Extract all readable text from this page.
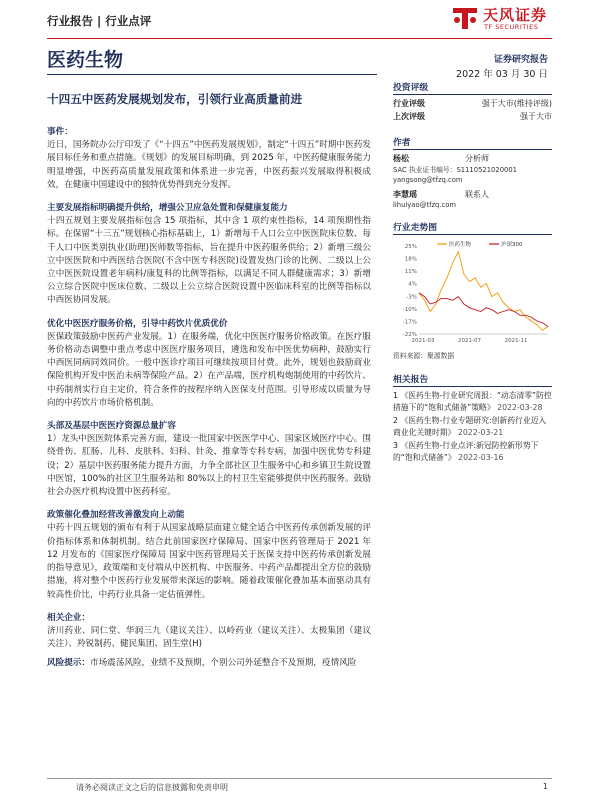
行业报告 | 行业点评	天风证券
TF SECURITIES
医药生物	证券研究报告
2022 年 03 月 30 日
十四五中医药发展规划发布，引领行业高质量前进
事件：

近日，国务院办公厅印发了《“十四五”中医药发展规划》，制定“十四五”时期中医药发展目标任务和重点措施。《规划》的发展目标明确，到 2025 年，中医药健康服务能力明显增强，中医药高质量发展政策和体系进一步完善，中医药振兴发展取得积极成效，在健康中国建设中的独特优势得到充分发挥。

主要发展指标明确提升供给，增强公卫应急处置和保健康复能力

十四五规划主要发展指标包含 15 项指标，其中含 1 项约束性指标，14 项预期性指标。在保留“十三五”规划核心指标基础上，1）新增每千人口公立中医医院床位数、每千人口中医类别执业(助理)医师数等指标，旨在提升中医药服务供给；2）新增三级公立中医医院和中西医结合医院(不含中医专科医院)设置发热门诊的比例、二级以上公立中医医院设置老年病科/康复科的比例等指标，以满足不同人群健康需求；3）新增公立综合医院中医床位数、二级以上公立综合医院设置中医临床科室的比例等指标以中西医协同发展。

优化中医医疗服务价格，引导中药饮片优质优价

医保政策鼓励中医药产业发展。1）在服务端，优化中医医疗服务价格政策。在医疗服务价格动态调整中重点考虑中医医疗服务项目，遴选和发布中医优势病种，鼓励实行中西医同病同效同价。一般中医诊疗项目可继续按项目付费。此外，规划也鼓励商业保险机构开发中医治未病等保险产品。2）在产品端，医疗机构炮制使用的中药饮片、中药制剂实行自主定价，符合条件的按程序纳入医保支付范围。引导形成以质量为导向的中药饮片市场价格机制。

头部及基层中医医疗资源总量扩容

1）龙头中医医院体系完善方面，建设一批国家中医医学中心、国家区域医疗中心。围绕骨伤、肛肠、儿科、皮肤科、妇科、针灸、推拿等专科专病，加强中医优势专科建设；2）基层中医药服务能力提升方面，力争全部社区卫生服务中心和乡镇卫生院设置中医馆，100%的社区卫生服务站和 80%以上的村卫生室能够提供中医药服务。鼓励社会办医疗机构设置中医药科室。

政策催化叠加经营改善激发向上动能

中药十四五规划的颁布有利于从国家战略层面建立健全适合中医药传承创新发展的评价指标体系和体制机制。结合此前国家医疗保障局、国家中医药管理局于 2021 年 12 月发布的《国家医疗保障局 国家中医药管理局关于医保支持中医药传承创新发展的指导意见》，政策端和支付端从中医机构、中医服务、中药产品都提出全方位的鼓励措施，将对整个中医药行业发展带来深远的影响。随着政策催化叠加基本面驱动具有较高性价比，中药行业具备一定估值弹性。

相关企业：

济川药业、同仁堂、华润三九（建议关注）、以岭药业（建议关注）、太极集团（建议关注）、羚锐制药、健民集团、固生堂(H)

风险提示：市场震荡风险，业绩不及预期，个别公司外延整合不及预期，疫情风险

投资评级
行业评级	强于大市(维持评级)
上次评级	强于大市
作者
杨松	分析师
SAC 执业证书编号：S1110521020001
yangsong@tfzq.com
李慧瑶	联系人
lihuiyao@tfzq.com
行业走势图
25%
18%
11%
4%
-3%
-10%
-17%
-22%
2021-03	2021-07	2021-11
医药生物	沪深300
资料来源：聚源数据
相关报告
1 《医药生物-行业研究周报：“动态清零”防控措施下的“饱和式储备”策略》 2022-03-28
2 《医药生物-行业专题研究:创新药行业迈入商业化关键时期》 2022-03-21
3 《医药生物-行业点评:新冠防控新形势下的“饱和式储备”》 2022-03-16
请务必阅读正文之后的信息披露和免责申明	1
